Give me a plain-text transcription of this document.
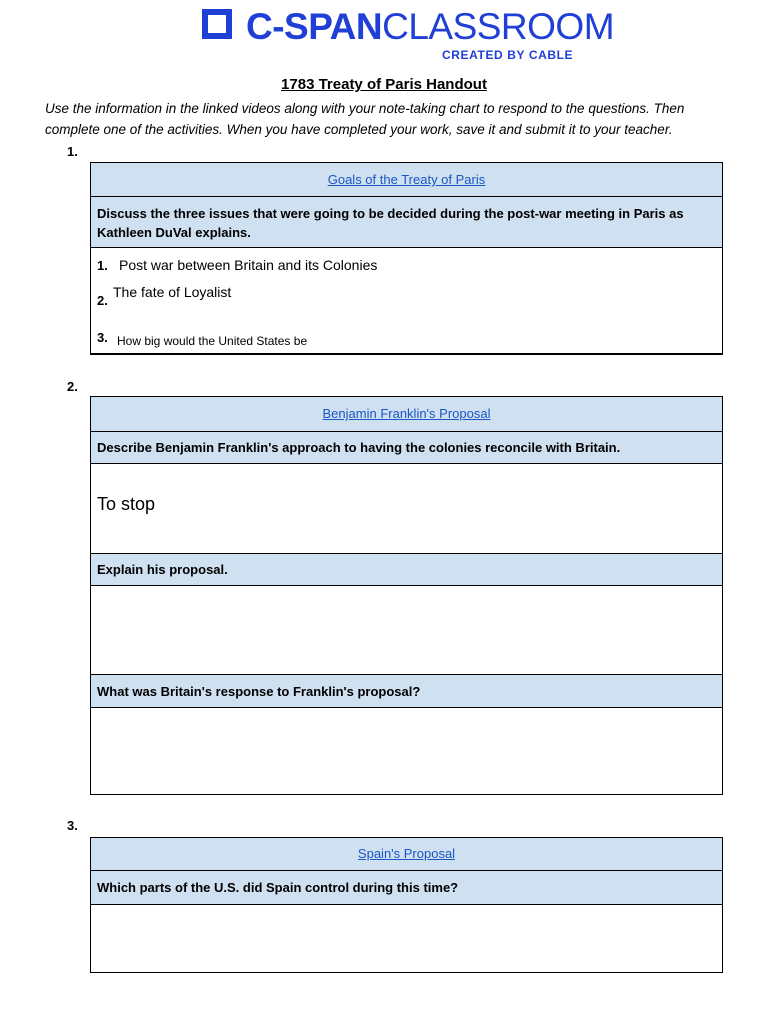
C-SPANCLASSROOM
CREATED BY CABLE
1783 Treaty of Paris Handout
Use the information in the linked videos along with your note-taking chart to respond to the questions. Then complete one of the activities. When you have completed your work, save it and submit it to your teacher.
1.
Goals of the Treaty of Paris
Discuss the three issues that were going to be decided during the post-war meeting in Paris as Kathleen DuVal explains.
1. Post war between Britain and its Colonies
2.
The fate of Loyalist
3. How big would the United States be
2.
Benjamin Franklin's Proposal
Describe Benjamin Franklin's approach to having the colonies reconcile with Britain.
To stop
Explain his proposal.
What was Britain's response to Franklin's proposal?
3.
Spain's Proposal
Which parts of the U.S. did Spain control during this time?
